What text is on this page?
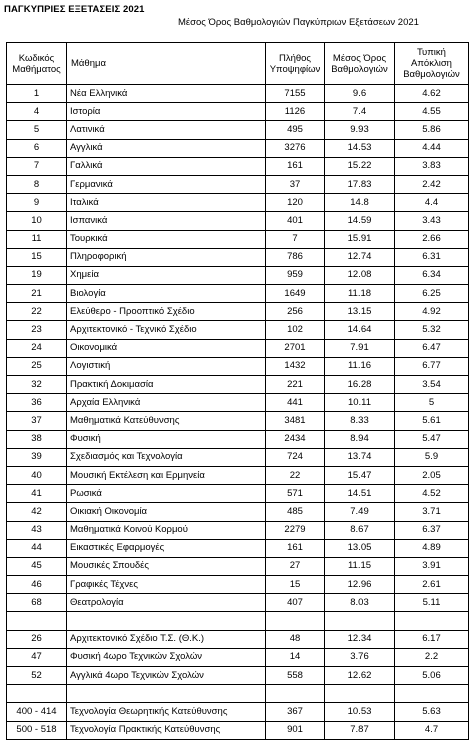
ΠΑΓΚΥΠΡΙΕΣ ΕΞΕΤΑΣΕΙΣ 2021
Μέσος Όρος Βαθμολογιών Παγκύπριων Εξετάσεων 2021
Κωδικός Μαθήματος	Μάθημα	Πλήθος Υποψηφίων	Μέσος Όρος Βαθμολογιών	Τυπική Απόκλιση Βαθμολογιών
1	Νέα Ελληνικά	7155	9.6	4.62
4	Ιστορία	1126	7.4	4.55
5	Λατινικά	495	9.93	5.86
6	Αγγλικά	3276	14.53	4.44
7	Γαλλικά	161	15.22	3.83
8	Γερμανικά	37	17.83	2.42
9	Ιταλικά	120	14.8	4.4
10	Ισπανικά	401	14.59	3.43
11	Τουρκικά	7	15.91	2.66
15	Πληροφορική	786	12.74	6.31
19	Χημεία	959	12.08	6.34
21	Βιολογία	1649	11.18	6.25
22	Ελεύθερο - Προοπτικό Σχέδιο	256	13.15	4.92
23	Αρχιτεκτονικό - Τεχνικό Σχέδιο	102	14.64	5.32
24	Οικονομικά	2701	7.91	6.47
25	Λογιστική	1432	11.16	6.77
32	Πρακτική Δοκιμασία	221	16.28	3.54
36	Αρχαία Ελληνικά	441	10.11	5
37	Μαθηματικά Κατεύθυνσης	3481	8.33	5.61
38	Φυσική	2434	8.94	5.47
39	Σχεδιασμός και Τεχνολογία	724	13.74	5.9
40	Μουσική Εκτέλεση και Ερμηνεία	22	15.47	2.05
41	Ρωσικά	571	14.51	4.52
42	Οικιακή Οικονομία	485	7.49	3.71
43	Μαθηματικά Κοινού Κορμού	2279	8.67	6.37
44	Εικαστικές Εφαρμογές	161	13.05	4.89
45	Μουσικές Σπουδές	27	11.15	3.91
46	Γραφικές Τέχνες	15	12.96	2.61
68	Θεατρολογία	407	8.03	5.11

26	Αρχιτεκτονικό Σχέδιο Τ.Σ. (Θ.Κ.)	48	12.34	6.17
47	Φυσική 4ωρο Τεχνικών Σχολών	14	3.76	2.2
52	Αγγλικά 4ωρο Τεχνικών Σχολών	558	12.62	5.06

400 - 414	Τεχνολογία Θεωρητικής Κατεύθυνσης	367	10.53	5.63
500 - 518	Τεχνολογία Πρακτικής Κατεύθυνσης	901	7.87	4.7
